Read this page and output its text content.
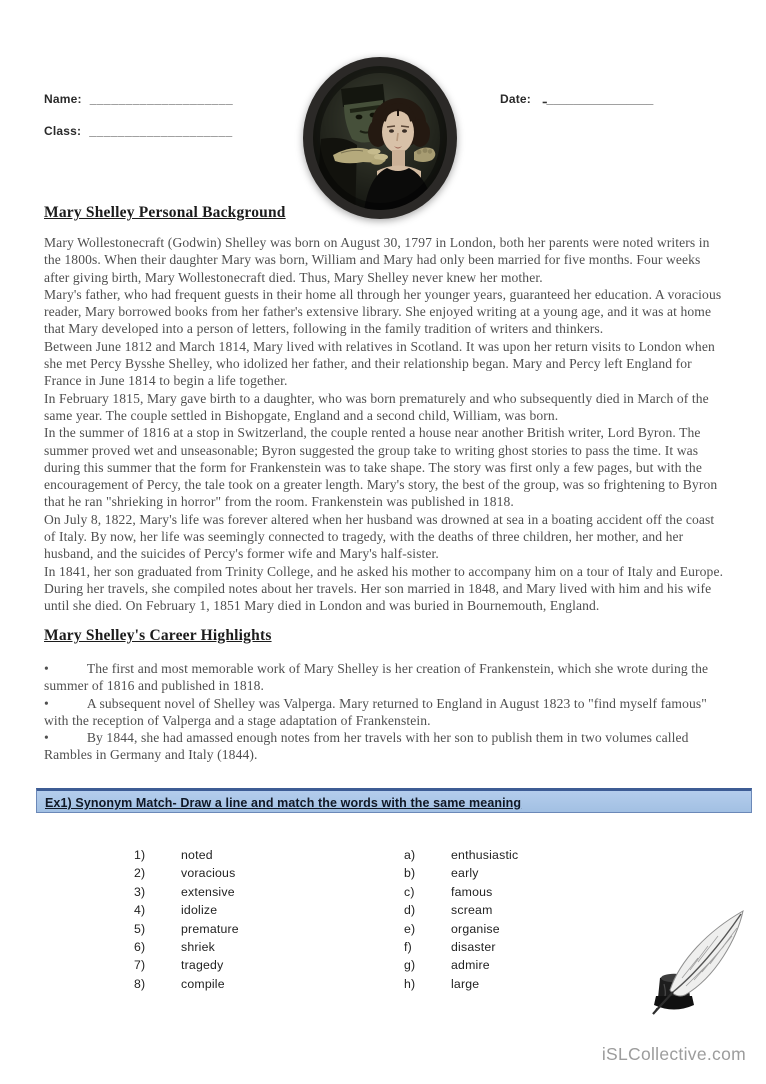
Name: ____________________
Class: ____________________
Date: ـ________________
Mary Shelley Personal Background
Mary Wollestonecraft (Godwin) Shelley was born on August 30, 1797 in London, both her parents were noted writers in the 1800s. When their daughter Mary was born, William and Mary had only been married for five months. Four weeks after giving birth, Mary Wollestonecraft died. Thus, Mary Shelley never knew her mother.
Mary's father, who had frequent guests in their home all through her younger years, guaranteed her education. A voracious reader, Mary borrowed books from her father's extensive library. She enjoyed writing at a young age, and it was at home that Mary developed into a person of letters, following in the family tradition of writers and thinkers.
Between June 1812 and March 1814, Mary lived with relatives in Scotland. It was upon her return visits to London when she met Percy Bysshe Shelley, who idolized her father, and their relationship began. Mary and Percy left England for France in June 1814 to begin a life together.
In February 1815, Mary gave birth to a daughter, who was born prematurely and who subsequently died in March of the same year. The couple settled in Bishopgate, England and a second child, William, was born.
In the summer of 1816 at a stop in Switzerland, the couple rented a house near another British writer, Lord Byron. The summer proved wet and unseasonable; Byron suggested the group take to writing ghost stories to pass the time. It was during this summer that the form for Frankenstein was to take shape. The story was first only a few pages, but with the encouragement of Percy, the tale took on a greater length. Mary's story, the best of the group, was so frightening to Byron that he ran "shrieking in horror" from the room. Frankenstein was published in 1818.
On July 8, 1822, Mary's life was forever altered when her husband was drowned at sea in a boating accident off the coast of Italy. By now, her life was seemingly connected to tragedy, with the deaths of three children, her mother, and her husband, and the suicides of Percy's former wife and Mary's half-sister.
In 1841, her son graduated from Trinity College, and he asked his mother to accompany him on a tour of Italy and Europe. During her travels, she compiled notes about her travels. Her son married in 1848, and Mary lived with him and his wife until she died. On February 1, 1851 Mary died in London and was buried in Bournemouth, England.
Mary Shelley's Career Highlights
•	The first and most memorable work of Mary Shelley is her creation of Frankenstein, which she wrote during the summer of 1816 and published in 1818.
•	A subsequent novel of Shelley was Valperga. Mary returned to England in August 1823 to "find myself famous" with the reception of Valperga and a stage adaptation of Frankenstein.
•	By 1844, she had amassed enough notes from her travels with her son to publish them in two volumes called Rambles in Germany and Italy (1844).
Ex1) Synonym Match- Draw a line and match the words with the same meaning
1)	noted	a)	enthusiastic
2)	voracious	b)	early
3)	extensive	c)	famous
4)	idolize	d)	scream
5)	premature	e)	organise
6)	shriek	f)	disaster
7)	tragedy	g)	admire
8)	compile	h)	large
iSLCollective.com
